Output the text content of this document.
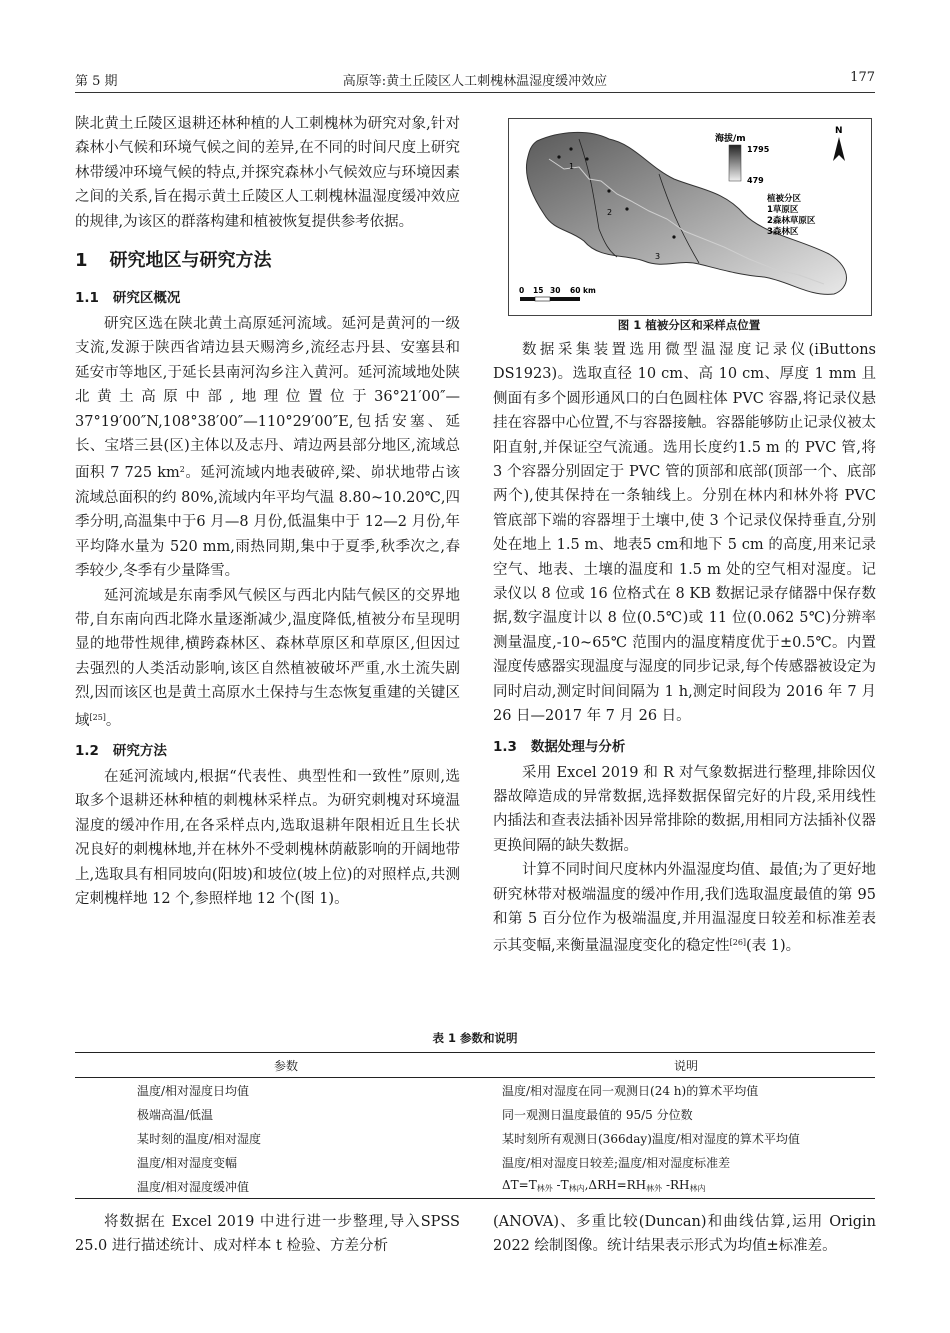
第 5 期	高原等:黄土丘陵区人工刺槐林温湿度缓冲效应	177

陕北黄土丘陵区退耕还林种植的人工刺槐林为研究对象,针对森林小气候和环境气候之间的差异,在不同的时间尺度上研究林带缓冲环境气候的特点,并探究森林小气候效应与环境因素之间的关系,旨在揭示黄土丘陵区人工刺槐林温湿度缓冲效应的规律,为该区的群落构建和植被恢复提供参考依据。

1 研究地区与研究方法
1.1 研究区概况

研究区选在陕北黄土高原延河流域。延河是黄河的一级支流,发源于陕西省靖边县天赐湾乡,流经志丹县、安塞县和延安市等地区,于延长县南河沟乡注入黄河。延河流域地处陕北黄土高原中部,地理位置位于36°21′00″—37°19′00″N,108°38′00″—110°29′00″E,包括安塞、延长、宝塔三县(区)主体以及志丹、靖边两县部分地区,流域总面积 7 725 $km^2$。延河流域内地表破碎,梁、峁状地带占该流域总面积的约 80%,流域内年平均气温 8.80~10.20℃,四季分明,高温集中于6 月—8 月份,低温集中于 12—2 月份,年平均降水量为 520 mm,雨热同期,集中于夏季,秋季次之,春季较少,冬季有少量降雪。

延河流域是东南季风气候区与西北内陆气候区的交界地带,自东南向西北降水量逐渐减少,温度降低,植被分布呈现明显的地带性规律,横跨森林区、森林草原区和草原区,但因过去强烈的人类活动影响,该区自然植被破坏严重,水土流失剧烈,因而该区也是黄土高原水土保持与生态恢复重建的关键区域[25]。

1.2 研究方法

在延河流域内,根据“代表性、典型性和一致性”原则,选取多个退耕还林种植的刺槐林采样点。为研究刺槐对环境温湿度的缓冲作用,在各采样点内,选取退耕年限相近且生长状况良好的刺槐林地,并在林外不受刺槐林荫蔽影响的开阔地带上,选取具有相同坡向(阳坡)和坡位(坡上位)的对照样点,共测定刺槐样地 12 个,参照样地 12 个(图 1)。

1
2
3
海拔/m
1795
479
N
植被分区
1草原区
2森林草原区
3森林区
0 15 30 60 km
图 1 植被分区和采样点位置

数据采集装置选用微型温湿度记录仪(iButtons DS1923)。选取直径 10 cm、高 10 cm、厚度 1 mm 且侧面有多个圆形通风口的白色圆柱体 PVC 容器,将记录仪悬挂在容器中心位置,不与容器接触。容器能够防止记录仪被太阳直射,并保证空气流通。选用长度约1.5 m 的 PVC 管,将 3 个容器分别固定于 PVC 管的顶部和底部(顶部一个、底部两个),使其保持在一条轴线上。分别在林内和林外将 PVC 管底部下端的容器埋于土壤中,使 3 个记录仪保持垂直,分别处在地上 1.5 m、地表5 cm和地下 5 cm 的高度,用来记录空气、地表、土壤的温度和 1.5 m 处的空气相对湿度。记录仪以 8 位或 16 位格式在 8 KB 数据记录存储器中保存数据,数字温度计以 8 位(0.5℃)或 11 位(0.062 5℃)分辨率测量温度,-10~65℃ 范围内的温度精度优于±0.5℃。内置湿度传感器实现温度与湿度的同步记录,每个传感器被设定为同时启动,测定时间间隔为 1 h,测定时间段为 2016 年 7 月 26 日—2017 年 7 月 26 日。

1.3 数据处理与分析

采用 Excel 2019 和 R 对气象数据进行整理,排除因仪器故障造成的异常数据,选择数据保留完好的片段,采用线性内插法和查表法插补因异常排除的数据,用相同方法插补仪器更换间隔的缺失数据。

计算不同时间尺度林内外温湿度均值、最值;为了更好地研究林带对极端温度的缓冲作用,我们选取温度最值的第 95 和第 5 百分位作为极端温度,并用温湿度日较差和标准差表示其变幅,来衡量温湿度变化的稳定性[26](表 1)。

表 1 参数和说明
参数	说明
温度/相对湿度日均值	温度/相对湿度在同一观测日(24 h)的算术平均值
极端高温/低温	同一观测日温度最值的 95/5 分位数
某时刻的温度/相对湿度	某时刻所有观测日(366day)温度/相对湿度的算术平均值
温度/相对湿度变幅	温度/相对湿度日较差;温度/相对湿度标准差
温度/相对湿度缓冲值	$\Delta T=T_{林外}$ $-T_{林内},\Delta RH=RH_{林外}$ $-RH_{林内}$
将数据在 Excel 2019 中进行进一步整理,导入SPSS 25.0 进行描述统计、成对样本 t 检验、方差分析
(ANOVA)、多重比较(Duncan)和曲线估算,运用 Origin 2022 绘制图像。统计结果表示形式为均值±标准差。
